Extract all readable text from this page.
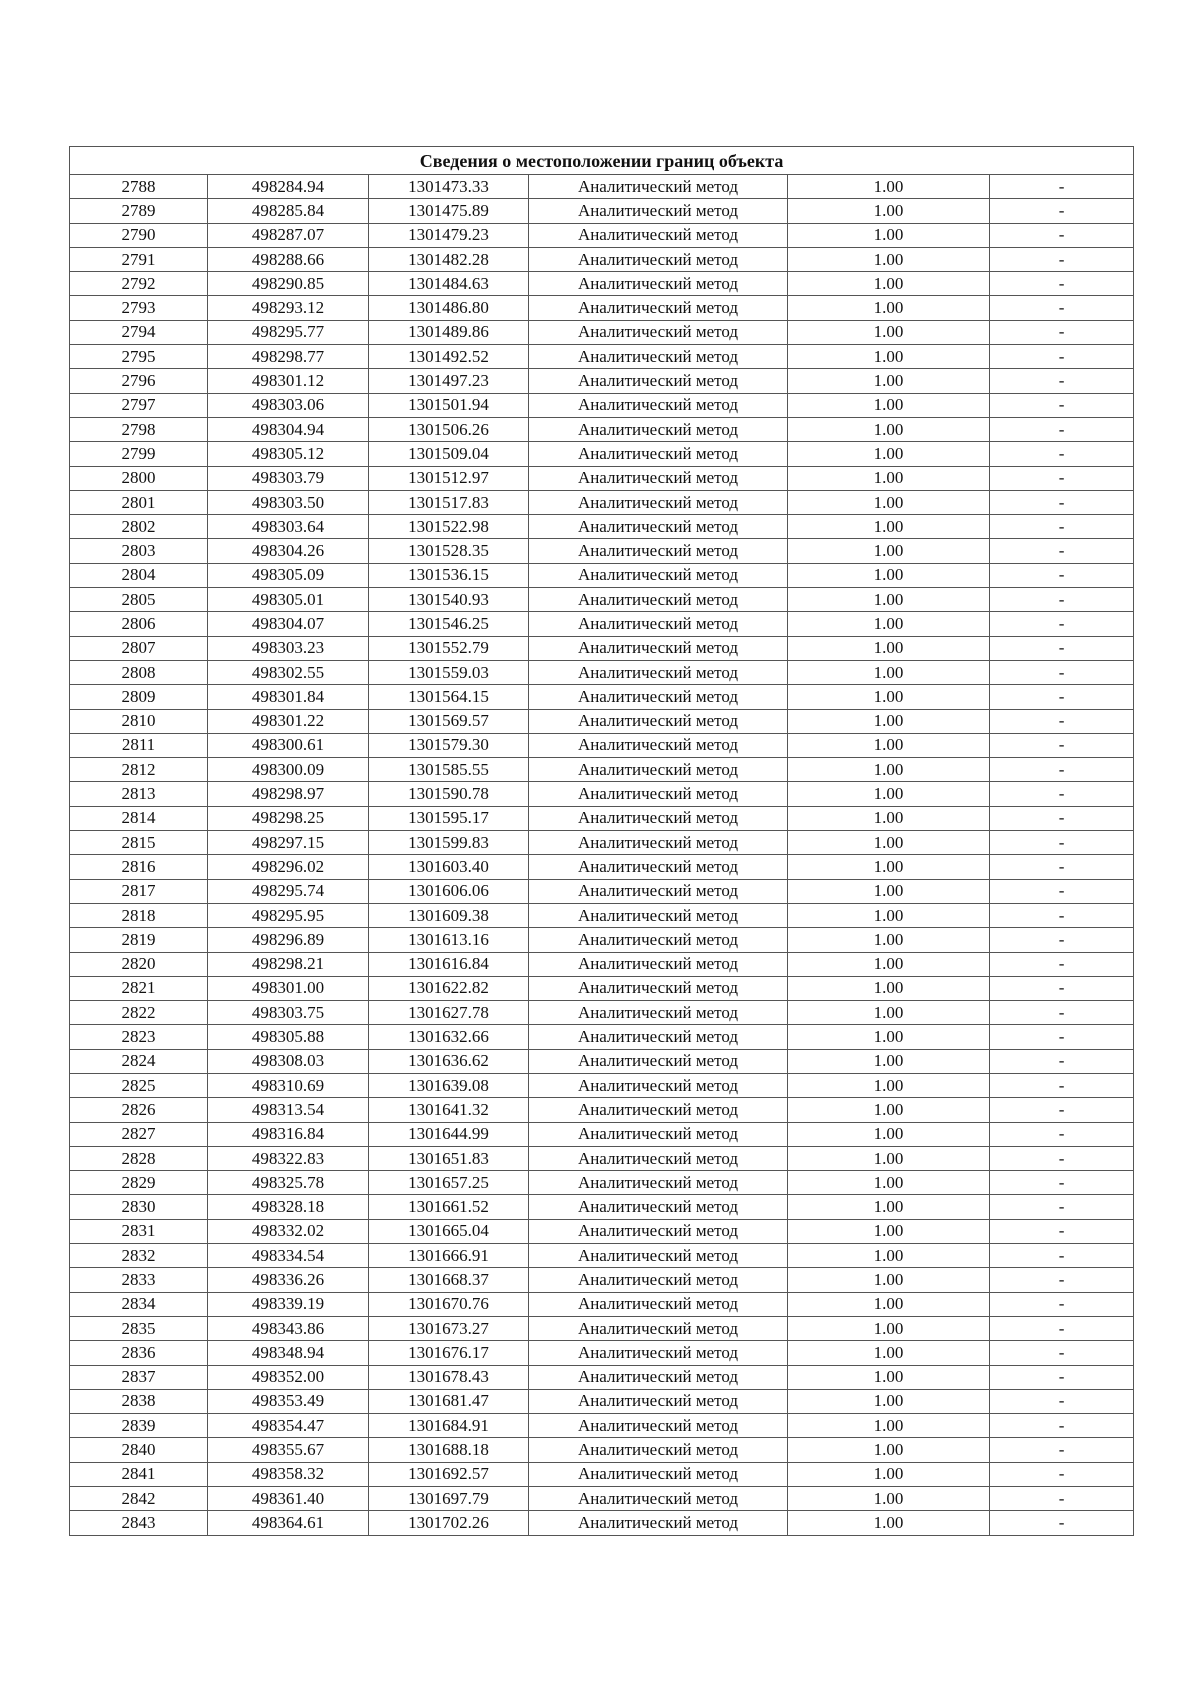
Сведения о местоположении границ объекта					
2788	498284.94	1301473.33	Аналитический метод	1.00	-
2789	498285.84	1301475.89	Аналитический метод	1.00	-
2790	498287.07	1301479.23	Аналитический метод	1.00	-
2791	498288.66	1301482.28	Аналитический метод	1.00	-
2792	498290.85	1301484.63	Аналитический метод	1.00	-
2793	498293.12	1301486.80	Аналитический метод	1.00	-
2794	498295.77	1301489.86	Аналитический метод	1.00	-
2795	498298.77	1301492.52	Аналитический метод	1.00	-
2796	498301.12	1301497.23	Аналитический метод	1.00	-
2797	498303.06	1301501.94	Аналитический метод	1.00	-
2798	498304.94	1301506.26	Аналитический метод	1.00	-
2799	498305.12	1301509.04	Аналитический метод	1.00	-
2800	498303.79	1301512.97	Аналитический метод	1.00	-
2801	498303.50	1301517.83	Аналитический метод	1.00	-
2802	498303.64	1301522.98	Аналитический метод	1.00	-
2803	498304.26	1301528.35	Аналитический метод	1.00	-
2804	498305.09	1301536.15	Аналитический метод	1.00	-
2805	498305.01	1301540.93	Аналитический метод	1.00	-
2806	498304.07	1301546.25	Аналитический метод	1.00	-
2807	498303.23	1301552.79	Аналитический метод	1.00	-
2808	498302.55	1301559.03	Аналитический метод	1.00	-
2809	498301.84	1301564.15	Аналитический метод	1.00	-
2810	498301.22	1301569.57	Аналитический метод	1.00	-
2811	498300.61	1301579.30	Аналитический метод	1.00	-
2812	498300.09	1301585.55	Аналитический метод	1.00	-
2813	498298.97	1301590.78	Аналитический метод	1.00	-
2814	498298.25	1301595.17	Аналитический метод	1.00	-
2815	498297.15	1301599.83	Аналитический метод	1.00	-
2816	498296.02	1301603.40	Аналитический метод	1.00	-
2817	498295.74	1301606.06	Аналитический метод	1.00	-
2818	498295.95	1301609.38	Аналитический метод	1.00	-
2819	498296.89	1301613.16	Аналитический метод	1.00	-
2820	498298.21	1301616.84	Аналитический метод	1.00	-
2821	498301.00	1301622.82	Аналитический метод	1.00	-
2822	498303.75	1301627.78	Аналитический метод	1.00	-
2823	498305.88	1301632.66	Аналитический метод	1.00	-
2824	498308.03	1301636.62	Аналитический метод	1.00	-
2825	498310.69	1301639.08	Аналитический метод	1.00	-
2826	498313.54	1301641.32	Аналитический метод	1.00	-
2827	498316.84	1301644.99	Аналитический метод	1.00	-
2828	498322.83	1301651.83	Аналитический метод	1.00	-
2829	498325.78	1301657.25	Аналитический метод	1.00	-
2830	498328.18	1301661.52	Аналитический метод	1.00	-
2831	498332.02	1301665.04	Аналитический метод	1.00	-
2832	498334.54	1301666.91	Аналитический метод	1.00	-
2833	498336.26	1301668.37	Аналитический метод	1.00	-
2834	498339.19	1301670.76	Аналитический метод	1.00	-
2835	498343.86	1301673.27	Аналитический метод	1.00	-
2836	498348.94	1301676.17	Аналитический метод	1.00	-
2837	498352.00	1301678.43	Аналитический метод	1.00	-
2838	498353.49	1301681.47	Аналитический метод	1.00	-
2839	498354.47	1301684.91	Аналитический метод	1.00	-
2840	498355.67	1301688.18	Аналитический метод	1.00	-
2841	498358.32	1301692.57	Аналитический метод	1.00	-
2842	498361.40	1301697.79	Аналитический метод	1.00	-
2843	498364.61	1301702.26	Аналитический метод	1.00	-
